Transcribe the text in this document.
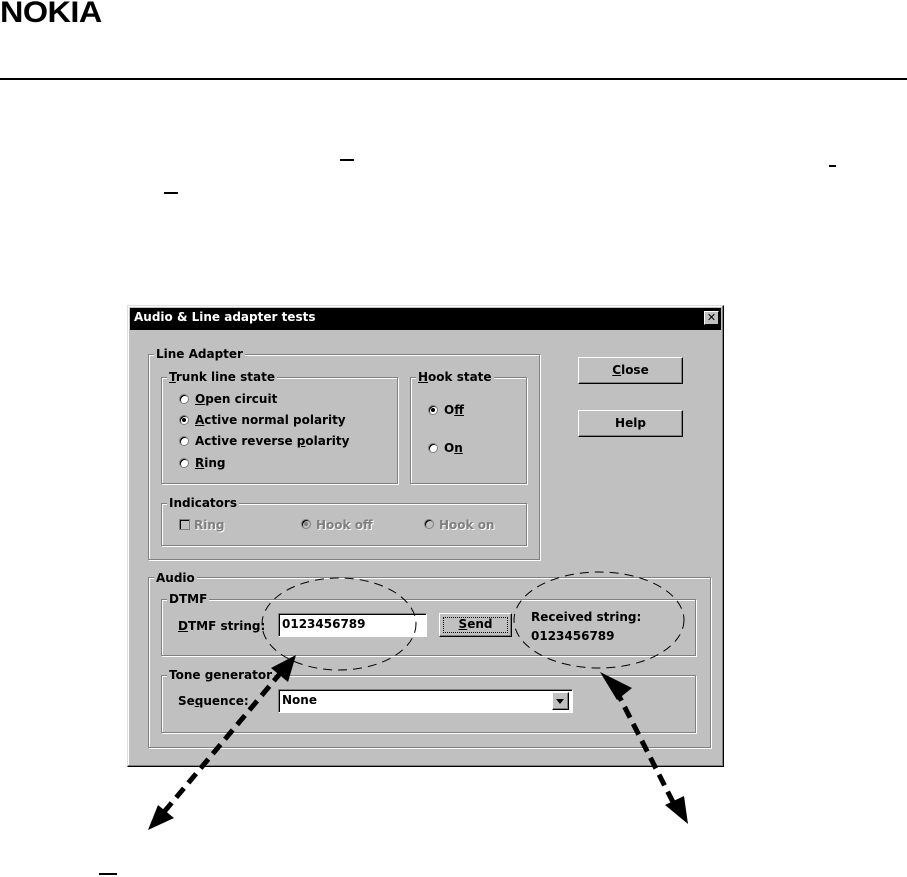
NOKIA
Audio & Line adapter tests	✕
Line Adapter
Trunk line state
Open circuit
Active normal polarity
Active reverse polarity
Ring
Hook state
Of
On
Indicators
Ring	Hook off	Hook on
Close
Help
Audio
DTMF
DTMF string:	0123456789	Send	Received string:
0123456789
Tone generator
Sequence:	None
